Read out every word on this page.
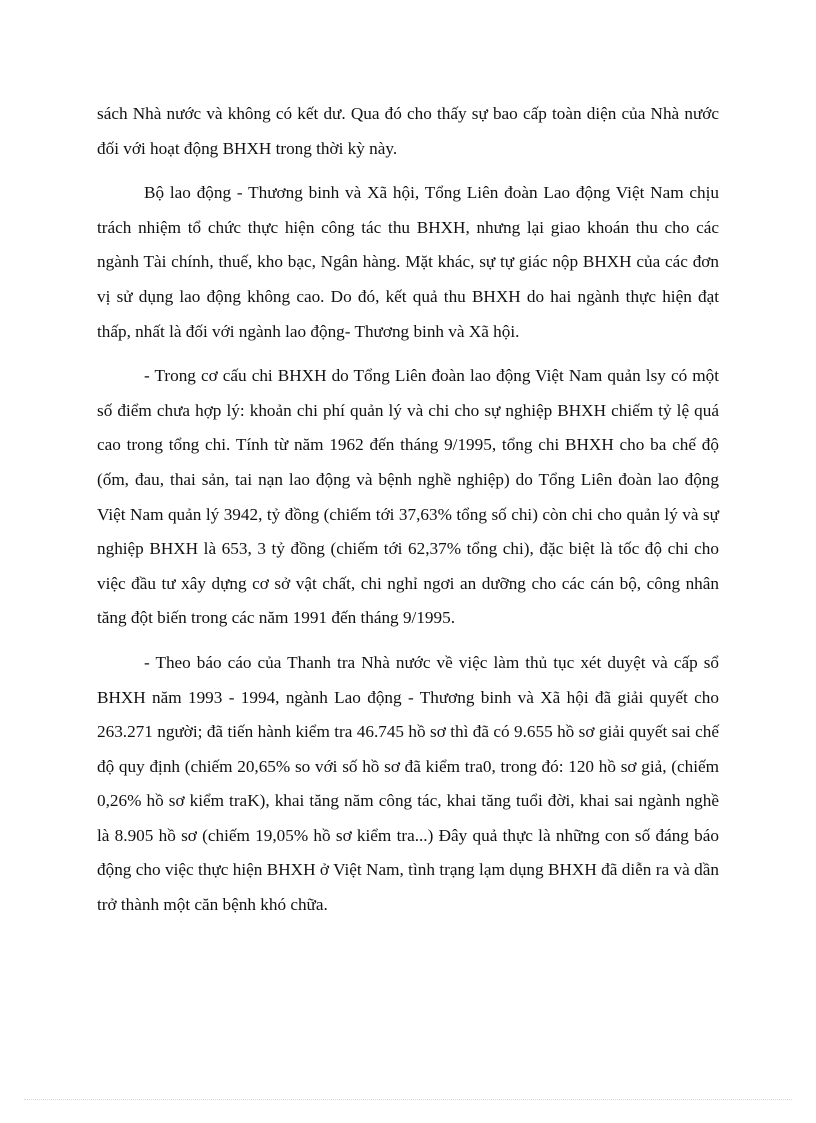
sách Nhà nước và không có kết dư. Qua đó cho thấy sự bao cấp toàn diện của Nhà nước đối với hoạt động BHXH trong thời kỳ này.

Bộ lao động - Thương binh và Xã hội, Tổng Liên đoàn Lao động Việt Nam chịu trách nhiệm tổ chức thực hiện công tác thu BHXH, nhưng lại giao khoán thu cho các ngành Tài chính, thuế, kho bạc, Ngân hàng. Mặt khác, sự tự giác nộp BHXH của các đơn vị sử dụng lao động không cao. Do đó, kết quả thu BHXH do hai ngành thực hiện đạt thấp, nhất là đối với ngành lao động- Thương binh và Xã hội.

- Trong cơ cấu chi BHXH do Tổng Liên đoàn lao động Việt Nam quản lsy có một số điểm chưa hợp lý: khoản chi phí quản lý và chi cho sự nghiệp BHXH chiếm tỷ lệ quá cao trong tổng chi. Tính từ năm 1962 đến tháng 9/1995, tổng chi BHXH cho ba chế độ (ốm, đau, thai sản, tai nạn lao động và bệnh nghề nghiệp) do Tổng Liên đoàn lao động Việt Nam quản lý 3942, tỷ đồng (chiếm tới 37,63% tổng số chi) còn chi cho quản lý và sự nghiệp BHXH là 653, 3 tỷ đồng (chiếm tới 62,37% tổng chi), đặc biệt là tốc độ chi cho việc đầu tư xây dựng cơ sở vật chất, chi nghỉ ngơi an dưỡng cho các cán bộ, công nhân tăng đột biến trong các năm 1991 đến tháng 9/1995.

- Theo báo cáo của Thanh tra Nhà nước về việc làm thủ tục xét duyệt và cấp sổ BHXH năm 1993 - 1994, ngành Lao động - Thương binh và Xã hội đã giải quyết cho 263.271 người; đã tiến hành kiểm tra 46.745 hồ sơ thì đã có 9.655 hồ sơ giải quyết sai chế độ quy định (chiếm 20,65% so với số hồ sơ đã kiểm tra0, trong đó: 120 hồ sơ giả, (chiếm 0,26% hồ sơ kiểm traK), khai tăng năm công tác, khai tăng tuổi đời, khai sai ngành nghề là 8.905 hồ sơ (chiếm 19,05% hồ sơ kiểm tra...) Đây quả thực là những con số đáng báo động cho việc thực hiện BHXH ở Việt Nam, tình trạng lạm dụng BHXH đã diễn ra và dần trở thành một căn bệnh khó chữa.
